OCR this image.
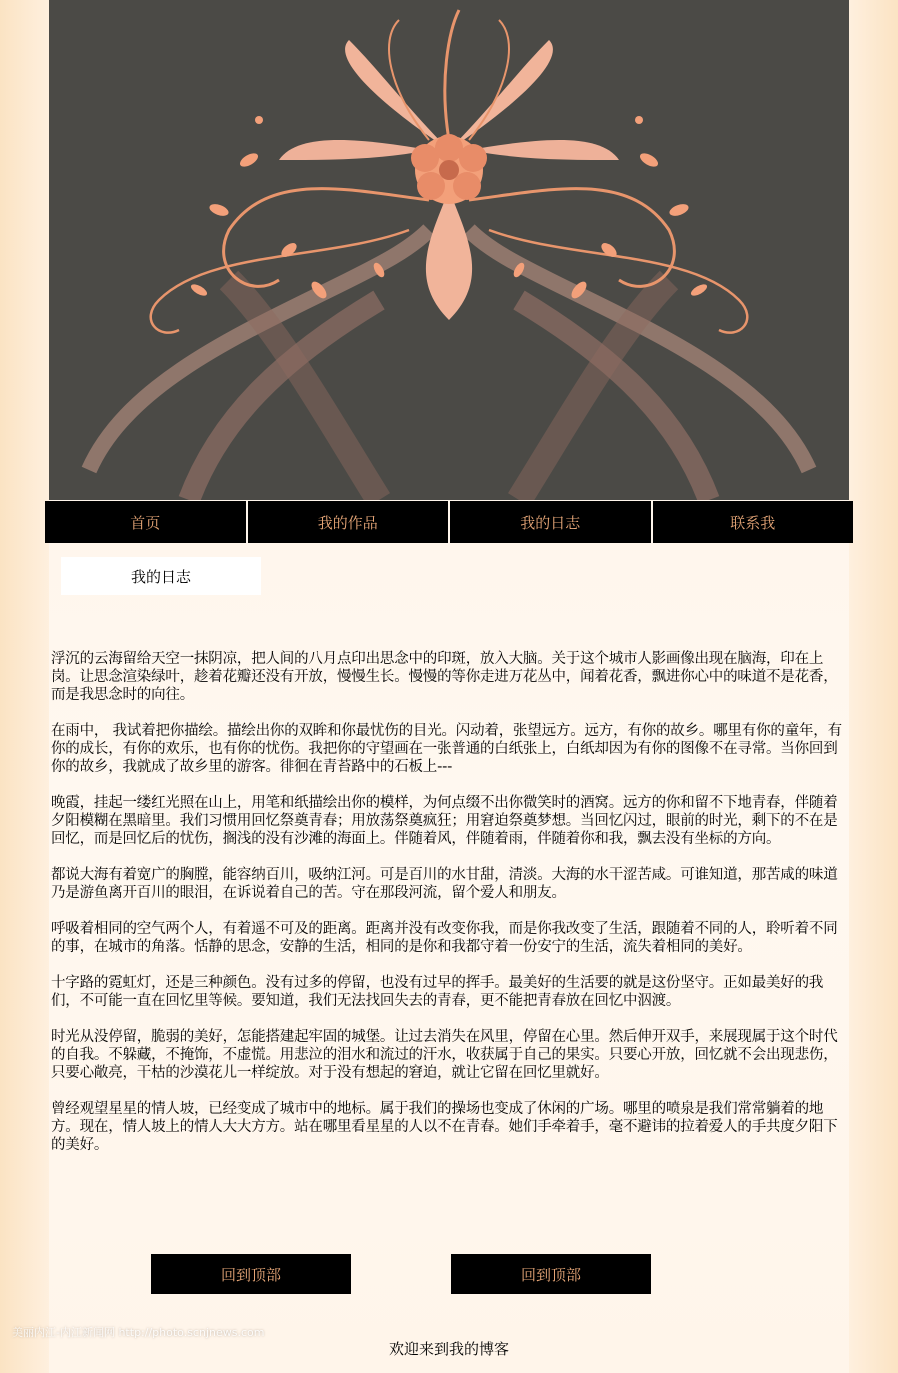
首页	我的作品	我的日志	联系我
我的日志

浮沉的云海留给天空一抹阴凉，把人间的八月点印出思念中的印斑，放入大脑。关于这个城市人影画像出现在脑海，印在上岗。让思念渲染绿叶，趁着花瓣还没有开放，慢慢生长。慢慢的等你走进万花丛中，闻着花香，飘进你心中的味道不是花香，而是我思念时的向往。

在雨中， 我试着把你描绘。描绘出你的双眸和你最忧伤的目光。闪动着，张望远方。远方，有你的故乡。哪里有你的童年，有你的成长，有你的欢乐，也有你的忧伤。我把你的守望画在一张普通的白纸张上，白纸却因为有你的图像不在寻常。当你回到你的故乡，我就成了故乡里的游客。徘徊在青苔路中的石板上---

晚霞，挂起一缕红光照在山上，用笔和纸描绘出你的模样，为何点缀不出你微笑时的酒窝。远方的你和留不下地青春，伴随着夕阳模糊在黑暗里。我们习惯用回忆祭奠青春；用放荡祭奠疯狂；用窘迫祭奠梦想。当回忆闪过，眼前的时光，剩下的不在是回忆，而是回忆后的忧伤，搁浅的没有沙滩的海面上。伴随着风，伴随着雨，伴随着你和我，飘去没有坐标的方向。

都说大海有着宽广的胸膛，能容纳百川，吸纳江河。可是百川的水甘甜，清淡。大海的水干涩苦咸。可谁知道，那苦咸的味道乃是游鱼离开百川的眼泪，在诉说着自己的苦。守在那段河流，留个爱人和朋友。

呼吸着相同的空气两个人，有着遥不可及的距离。距离并没有改变你我，而是你我改变了生活，跟随着不同的人，聆听着不同的事，在城市的角落。恬静的思念，安静的生活，相同的是你和我都守着一份安宁的生活，流失着相同的美好。

十字路的霓虹灯，还是三种颜色。没有过多的停留，也没有过早的挥手。最美好的生活要的就是这份坚守。正如最美好的我们，不可能一直在回忆里等候。要知道，我们无法找回失去的青春，更不能把青春放在回忆中泅渡。

时光从没停留，脆弱的美好，怎能搭建起牢固的城堡。让过去消失在风里，停留在心里。然后伸开双手，来展现属于这个时代的自我。不躲藏，不掩饰，不虚慌。用悲泣的泪水和流过的汗水，收获属于自己的果实。只要心开放，回忆就不会出现悲伤，只要心敞亮，干枯的沙漠花儿一样绽放。对于没有想起的窘迫，就让它留在回忆里就好。

曾经观望星星的情人坡，已经变成了城市中的地标。属于我们的操场也变成了休闲的广场。哪里的喷泉是我们常常躺着的地方。现在，情人坡上的情人大大方方。站在哪里看星星的人以不在青春。她们手牵着手，毫不避讳的拉着爱人的手共度夕阳下的美好。

回到顶部	回到顶部
美丽内江-内江新闻网 http://photo.scnjnews.com
欢迎来到我的博客
